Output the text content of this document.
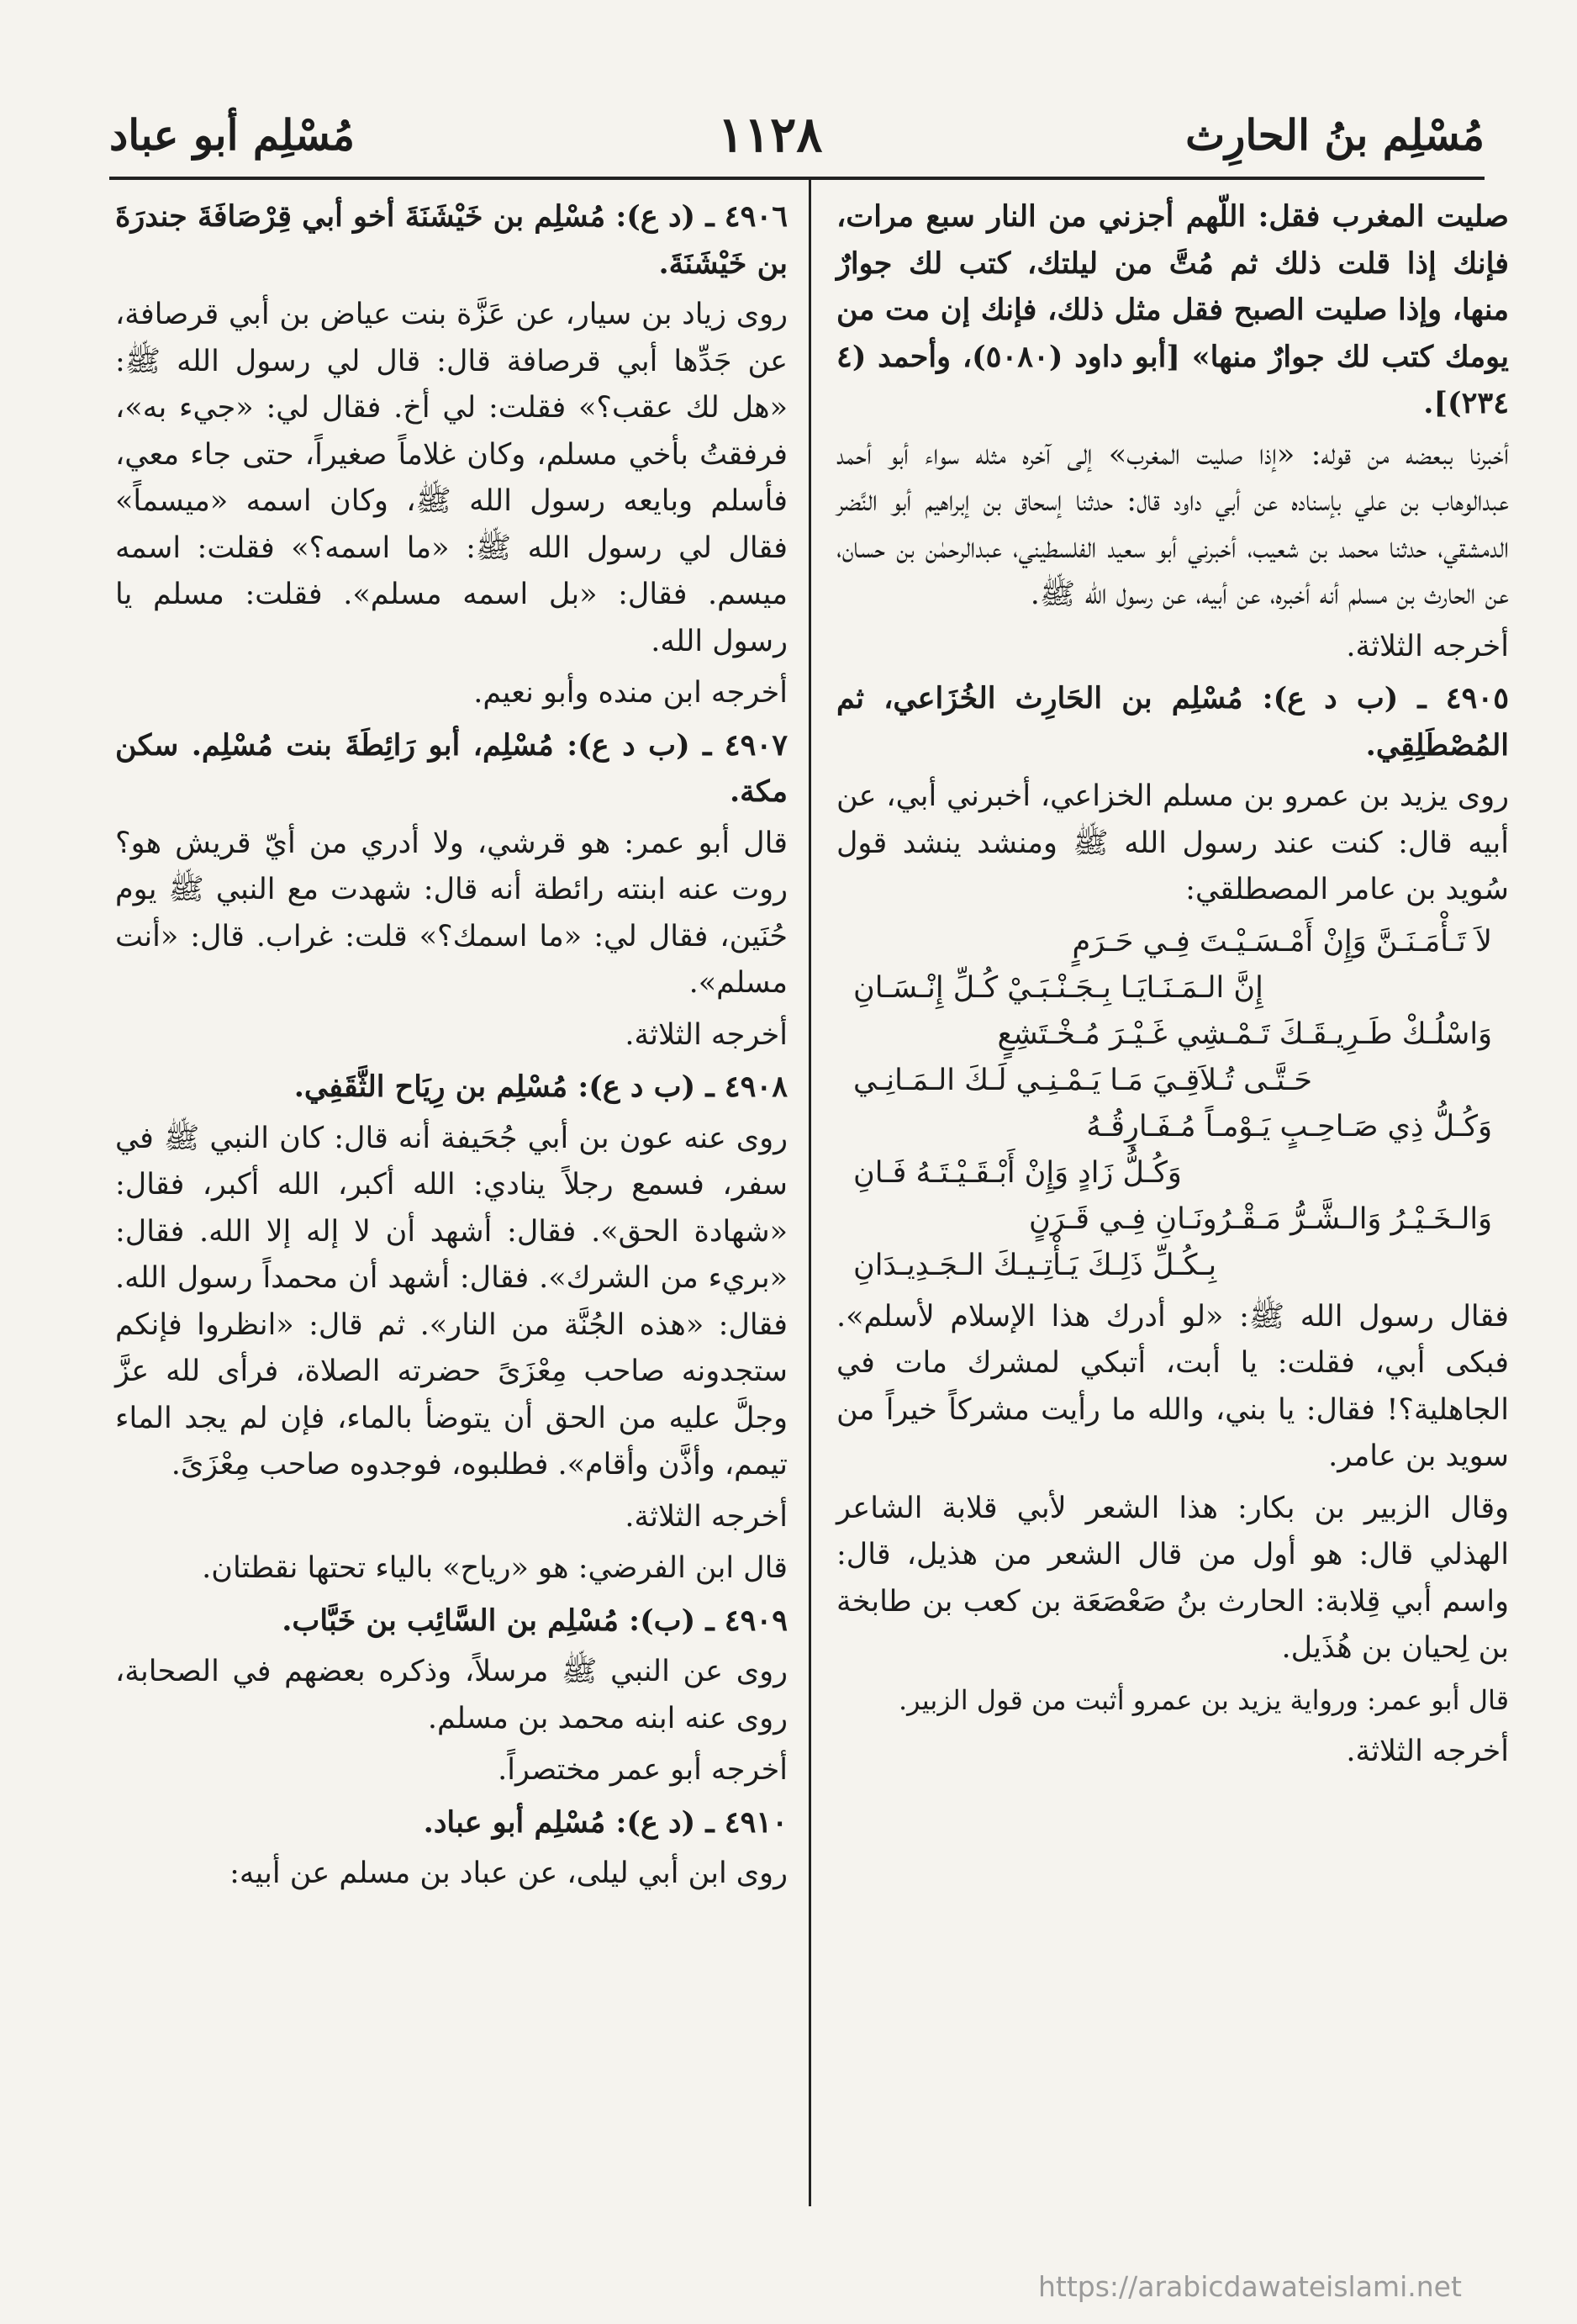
مُسْلِم بنُ الحارِث
١١٢٨
مُسْلِم أبو عباد

صليت المغرب فقل: اللّهم أجزني من النار سبع مرات، فإنك إذا قلت ذلك ثم مُتَّ من ليلتك، كتب لك جوارٌ منها، وإذا صليت الصبح فقل مثل ذلك، فإنك إن مت من يومك كتب لك جوارٌ منها» [أبو داود (٥٠٨٠)، وأحمد (٤ ٢٣٤)].

أخبرنا ببعضه من قوله: «إذا صليت المغرب» إلى آخره مثله سواء أبو أحمد عبدالوهاب بن علي بإسناده عن أبي داود قال: حدثنا إسحاق بن إبراهيم أبو النَّضر الدمشقي، حدثنا محمد بن شعيب، أخبرني أبو سعيد الفلسطيني، عبدالرحمٰن بن حسان، عن الحارث بن مسلم أنه أخبره، عن أبيه، عن رسول الله ﷺ.

أخرجه الثلاثة.

٤٩٠٥ ـ (ب د ع): مُسْلِم بن الحَارِث الخُزَاعي، ثم المُصْطَلِقِي.

روى يزيد بن عمرو بن مسلم الخزاعي، أخبرني أبي، عن أبيه قال: كنت عند رسول الله ﷺ ومنشد ينشد قول سُويد بن عامر المصطلقي:

لاَ تَـأْمَـنَـنَّ وَإِنْ أَمْـسَـيْـتَ فِـي حَـرَمٍ
إِنَّ الـمَـنَـايَـا بِـجَـنْـبَـيْ كُـلِّ إِنْـسَـانِ
وَاسْلُـكْ طَـرِيـقَـكَ تَـمْـشِي غَـيْـرَ مُـخْـتَشِعٍ
حَـتَّـى تُـلاَقِـيَ مَـا يَـمْـنِـي لَـكَ الـمَـانِـي
وَكُـلُّ ذِي صَـاحِـبٍ يَـوْمـاً مُـفَـارِقُـهُ
وَكُـلُّ زَادٍ وَإِنْ أَبْـقَـيْـتَـهُ فَـانِ
وَالـخَـيْـرُ وَالـشَّـرُّ مَـقْـرُونَـانِ فِـي قَـرَنٍ
بِـكُـلِّ ذَلِـكَ يَـأْتِـيـكَ الـجَـدِيـدَانِ

فقال رسول الله ﷺ: «لو أدرك هذا الإسلام لأسلم». فبكى أبي، فقلت: يا أبت، أتبكي لمشرك مات في الجاهلية؟! فقال: يا بني، والله ما رأيت مشركاً خيراً من سويد بن عامر.

وقال الزبير بن بكار: هذا الشعر لأبي قلابة الشاعر الهذلي قال: هو أول من قال الشعر من هذيل، قال: واسم أبي قِلابة: الحارث بنُ صَعْصَعَة بن كعب بن طابخة بن لِحيان بن هُذَيل.

قال أبو عمر: ورواية يزيد بن عمرو أثبت من قول الزبير.

أخرجه الثلاثة.

٤٩٠٦ ـ (د ع): مُسْلِم بن خَيْشَنَةَ أخو أبي قِرْصَافَةَ جندرَةَ بن خَيْشَنَةَ.

روى زياد بن سيار، عن عَزَّة بنت عياض بن أبي قرصافة، عن جَدِّها أبي قرصافة قال: قال لي رسول الله ﷺ: «هل لك عقب؟» فقلت: لي أخ. فقال لي: «جيء به»، فرفقتُ بأخي مسلم، وكان غلاماً صغيراً، حتى جاء معي، فأسلم وبايعه رسول الله ﷺ، وكان اسمه «ميسماً» فقال لي رسول الله ﷺ: «ما اسمه؟» فقلت: اسمه ميسم. فقال: «بل اسمه مسلم». فقلت: مسلم يا رسول الله.

أخرجه ابن منده وأبو نعيم.

٤٩٠٧ ـ (ب د ع): مُسْلِم، أبو رَائِطَةَ بنت مُسْلِم. سكن مكة.

قال أبو عمر: هو قرشي، ولا أدري من أيّ قريش هو؟ روت عنه ابنته رائطة أنه قال: شهدت مع النبي ﷺ يوم حُنَين، فقال لي: «ما اسمك؟» قلت: غراب. قال: «أنت مسلم».

أخرجه الثلاثة.

٤٩٠٨ ـ (ب د ع): مُسْلِم بن رِيَاح الثَّقَفِي.

روى عنه عون بن أبي جُحَيفة أنه قال: كان النبي ﷺ في سفر، فسمع رجلاً ينادي: الله أكبر، الله أكبر، فقال: «شهادة الحق». فقال: أشهد أن لا إله إلا الله. فقال: «بريء من الشرك». فقال: أشهد أن محمداً رسول الله. فقال: «هذه الجُنَّة من النار». ثم قال: «انظروا فإنكم ستجدونه صاحب مِعْزَىً حضرته الصلاة، فرأى لله عزَّ وجلَّ عليه من الحق أن يتوضأ بالماء، فإن لم يجد الماء تيمم، وأذَّن وأقام». فطلبوه، فوجدوه صاحب مِعْزَىً.

أخرجه الثلاثة.

قال ابن الفرضي: هو «رياح» بالياء تحتها نقطتان.

٤٩٠٩ ـ (ب): مُسْلِم بن السَّائِب بن خَبَّاب.

روى عن النبي ﷺ مرسلاً، وذكره بعضهم في الصحابة، روى عنه ابنه محمد بن مسلم.

أخرجه أبو عمر مختصراً.

٤٩١٠ ـ (د ع): مُسْلِم أبو عباد.

روى ابن أبي ليلى، عن عباد بن مسلم عن أبيه:

https://arabicdawateislami.net
